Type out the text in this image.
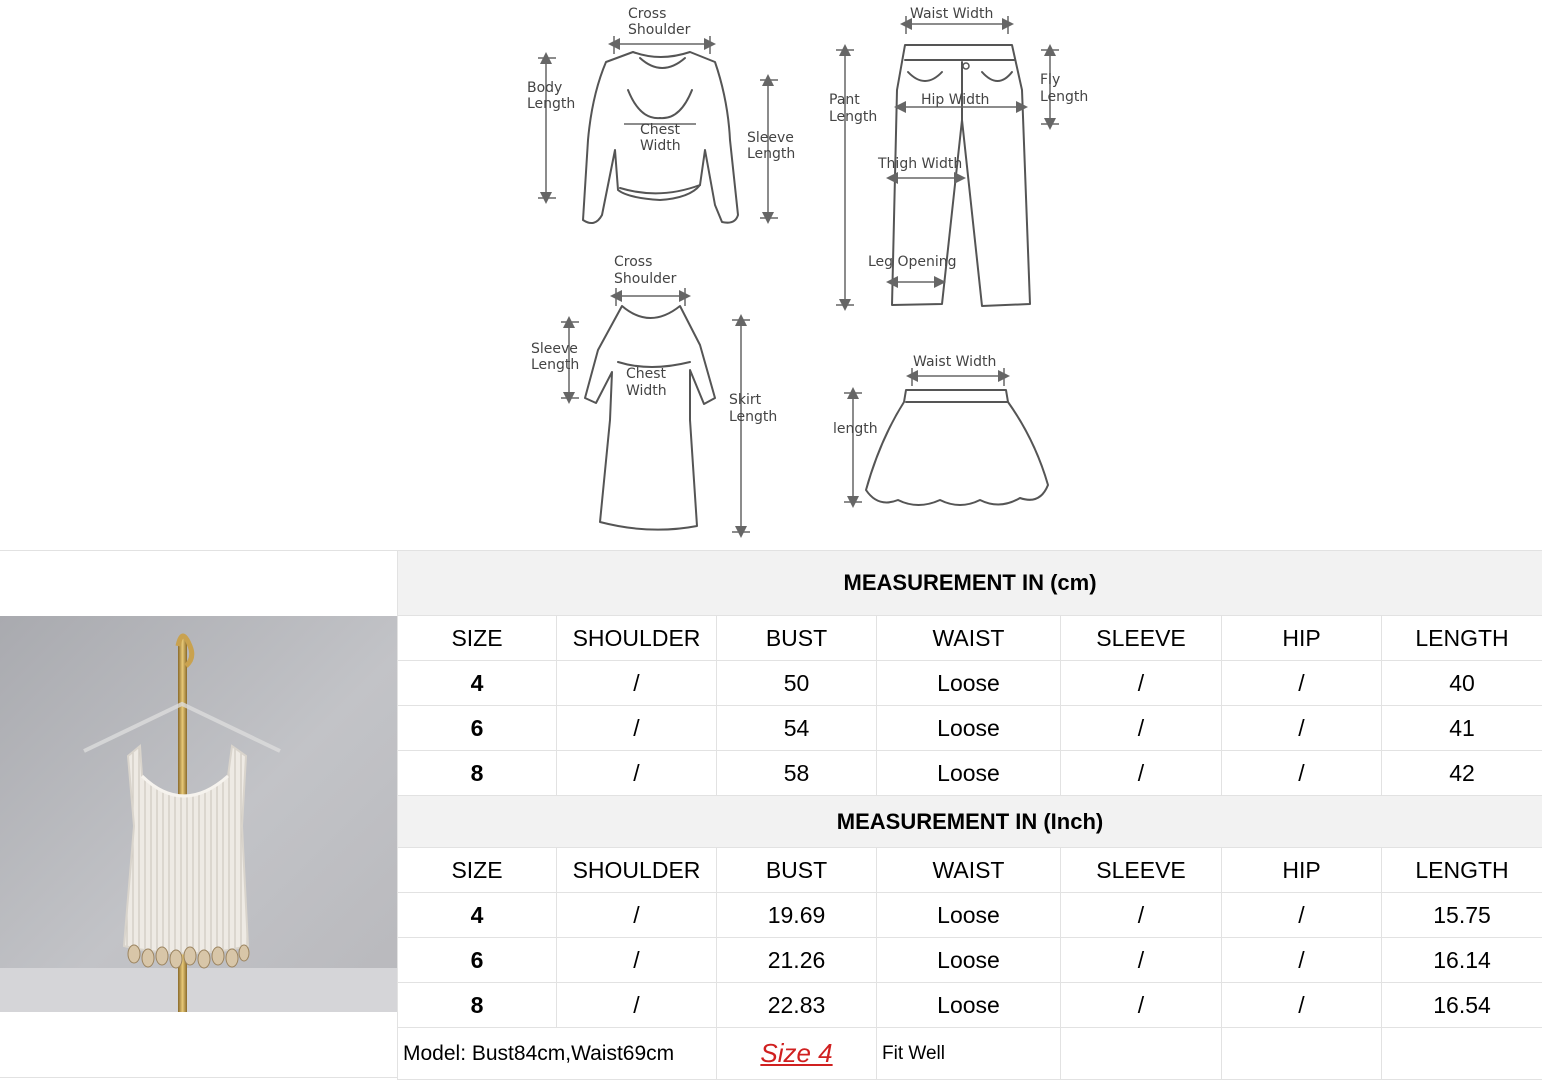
Cross
Shoulder
Body
Length
Chest
Width	Sleeve
Length
Waist Width
Pant
Length
Hip Width
Fly
Length
Thigh Width
Leg Opening
Cross
Shoulder
Sleeve
Length
Chest
Width
Skirt
Length
Waist Width
length
MEASUREMENT IN (cm)						
SIZE	SHOULDER	BUST	WAIST	SLEEVE	HIP	LENGTH
4	/	50	Loose	/	/	40
6	/	54	Loose	/	/	41
8	/	58	Loose	/	/	42
MEASUREMENT IN (Inch)						
SIZE	SHOULDER	BUST	WAIST	SLEEVE	HIP	LENGTH
4	/	19.69	Loose	/	/	15.75
6	/	21.26	Loose	/	/	16.14
8	/	22.83	Loose	/	/	16.54
Model: Bust84cm,Waist69cm		Size 4	Fit Well			
